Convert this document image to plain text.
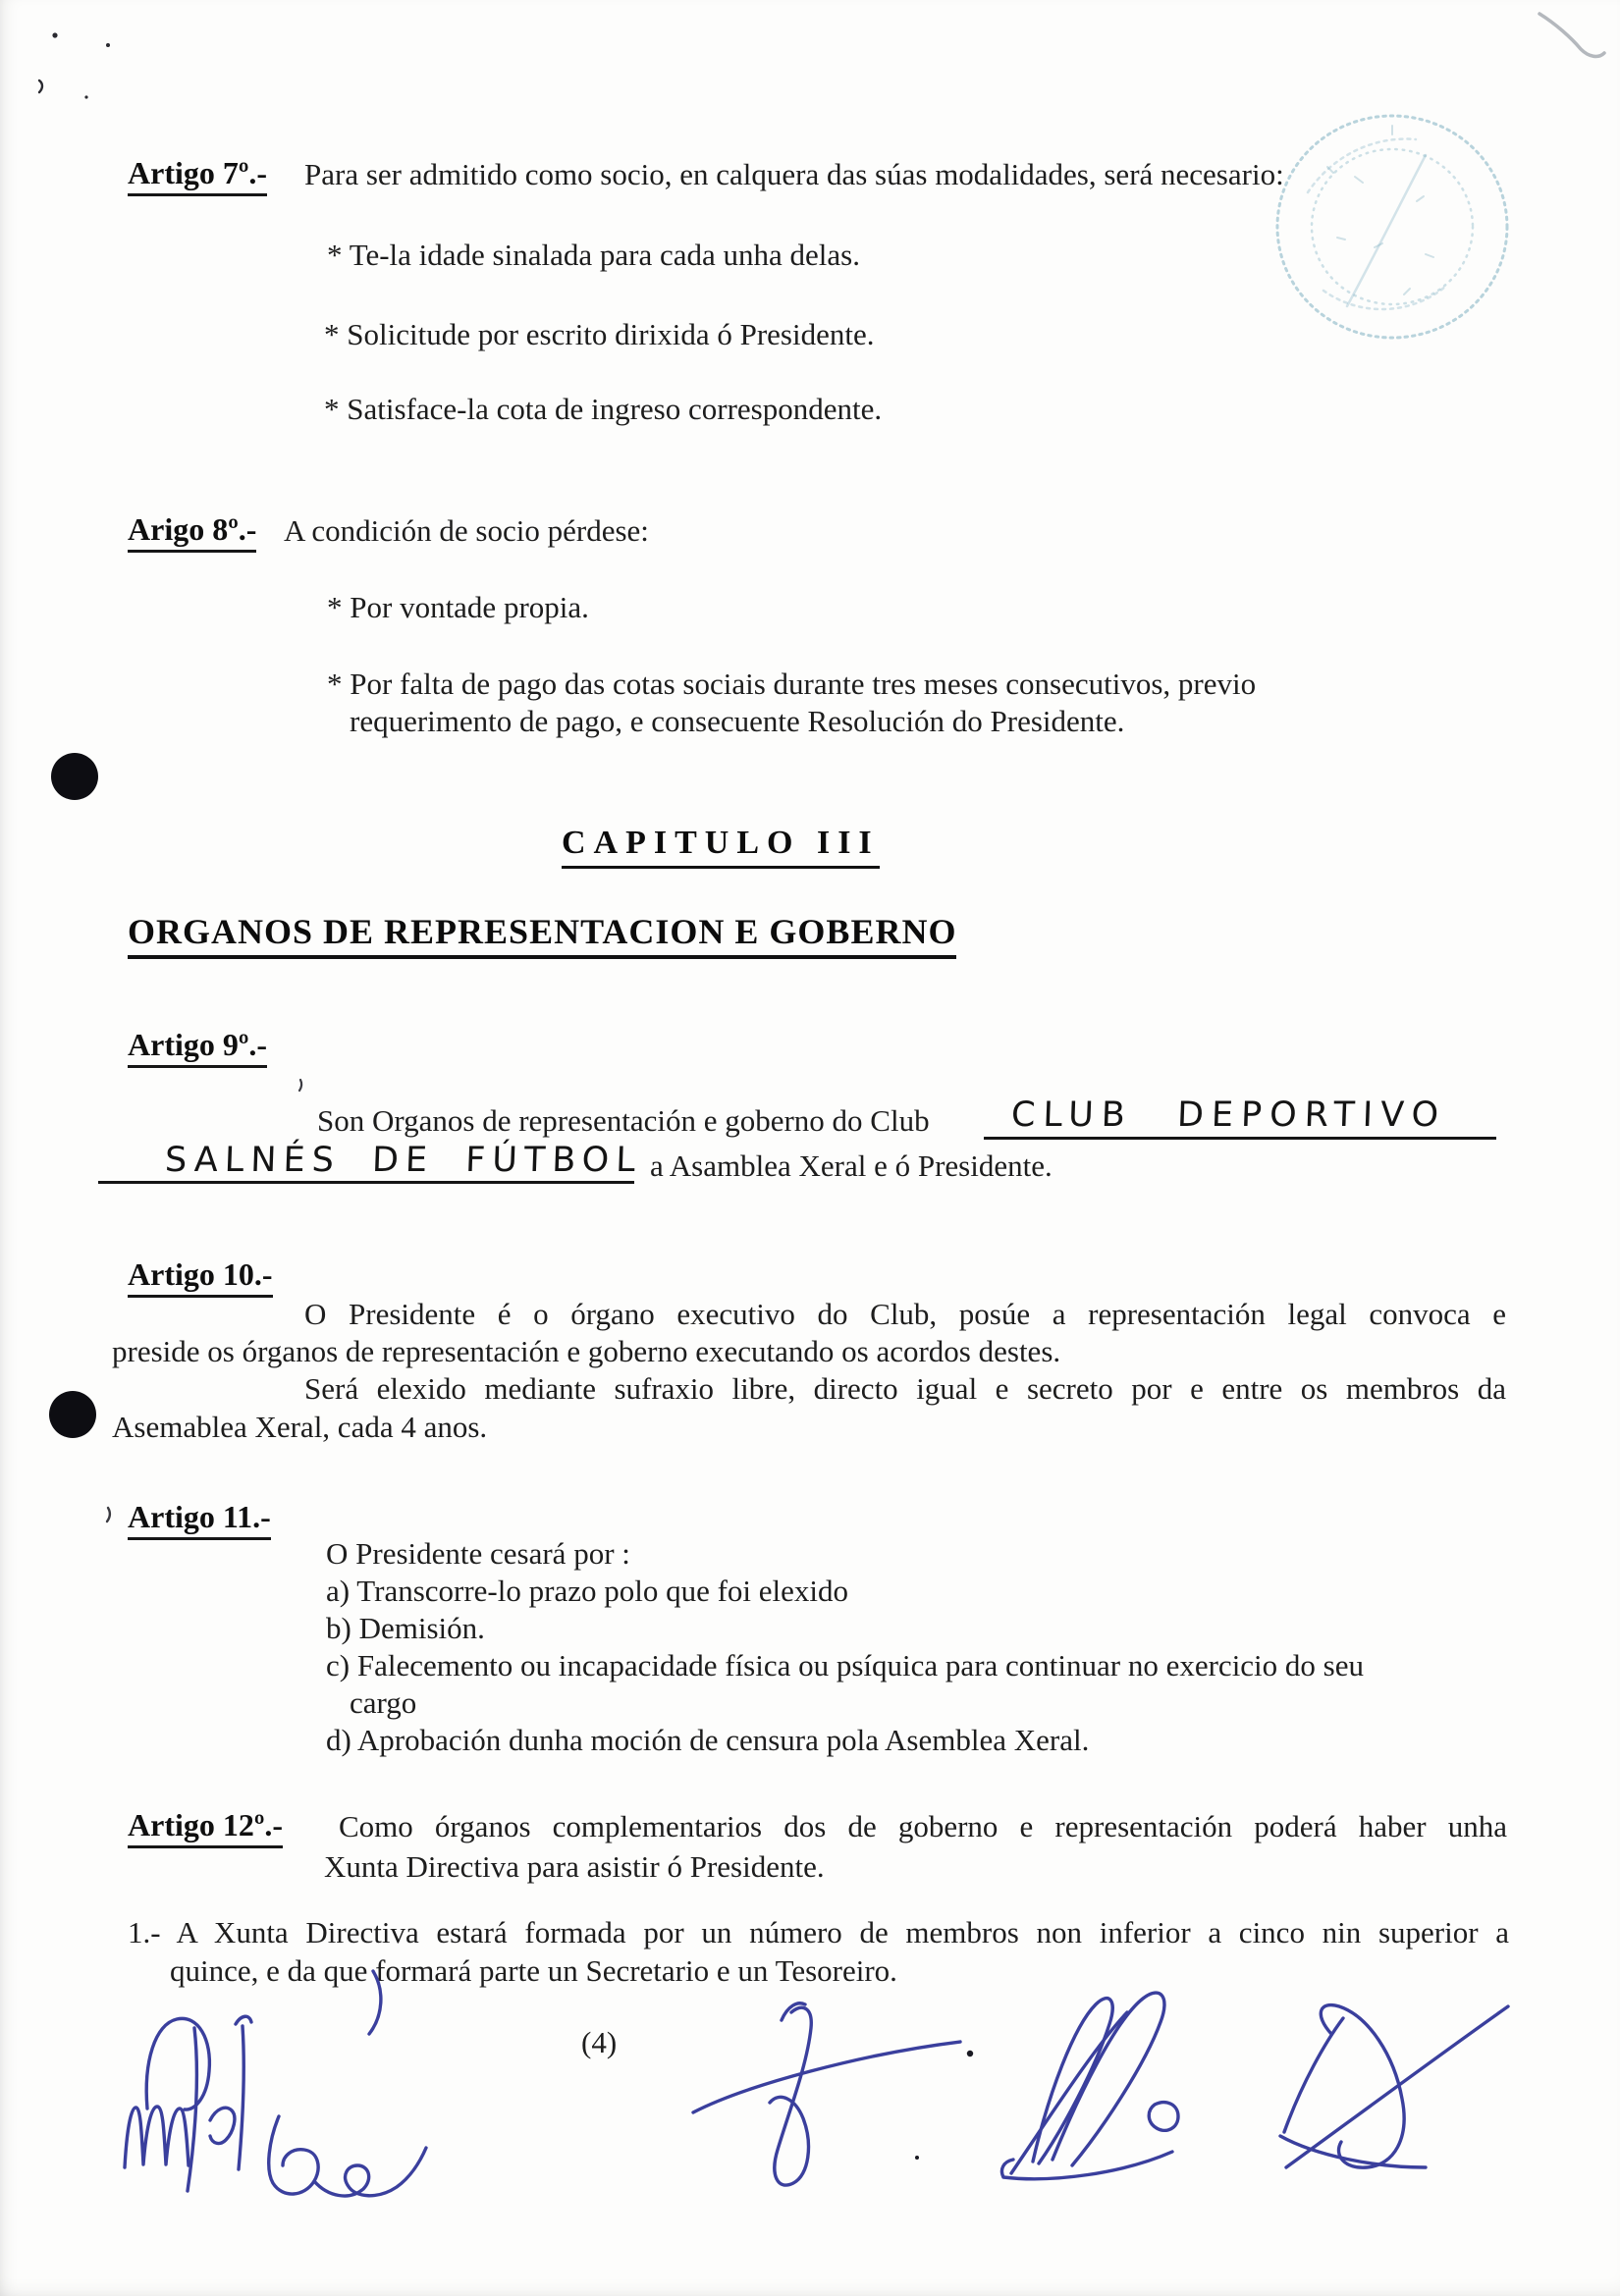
Artigo 7º.- Para ser admitido como socio, en calquera das súas modalidades, será necesario:
* Te-la idade sinalada para cada unha delas.
* Solicitude por escrito dirixida ó Presidente.
* Satisface-la cota de ingreso correspondente.
Arigo 8º.- A condición de socio pérdese:
* Por vontade propia.
* Por falta de pago das cotas sociais durante tres meses consecutivos, previo
requerimento de pago, e consecuente Resolución do Presidente.
CAPITULO III
ORGANOS DE REPRESENTACION E GOBERNO
Artigo 9º.-
Son Organos de representación e goberno do Club CLUB DEPORTIVO
SALNÉS DE FÚTBOL a Asamblea Xeral e ó Presidente.
Artigo 10.-
O Presidente é o órgano executivo do Club, posúe a representación legal convoca e
preside os órganos de representación e goberno executando os acordos destes.
Será elexido mediante sufraxio libre, directo igual e secreto por e entre os membros da
Asemablea Xeral, cada 4 anos.
Artigo 11.-
O Presidente cesará por :
a) Transcorre-lo prazo polo que foi elexido
b) Demisión.
c) Falecemento ou incapacidade física ou psíquica para continuar no exercicio do seu
cargo
d) Aprobación dunha moción de censura pola Asemblea Xeral.
Artigo 12º.- Como órganos complementarios dos de goberno e representación poderá haber unha
Xunta Directiva para asistir ó Presidente.
1.- A Xunta Directiva estará formada por un número de membros non inferior a cinco nin superior a
quince, e da que formará parte un Secretario e un Tesoreiro.
(4)
